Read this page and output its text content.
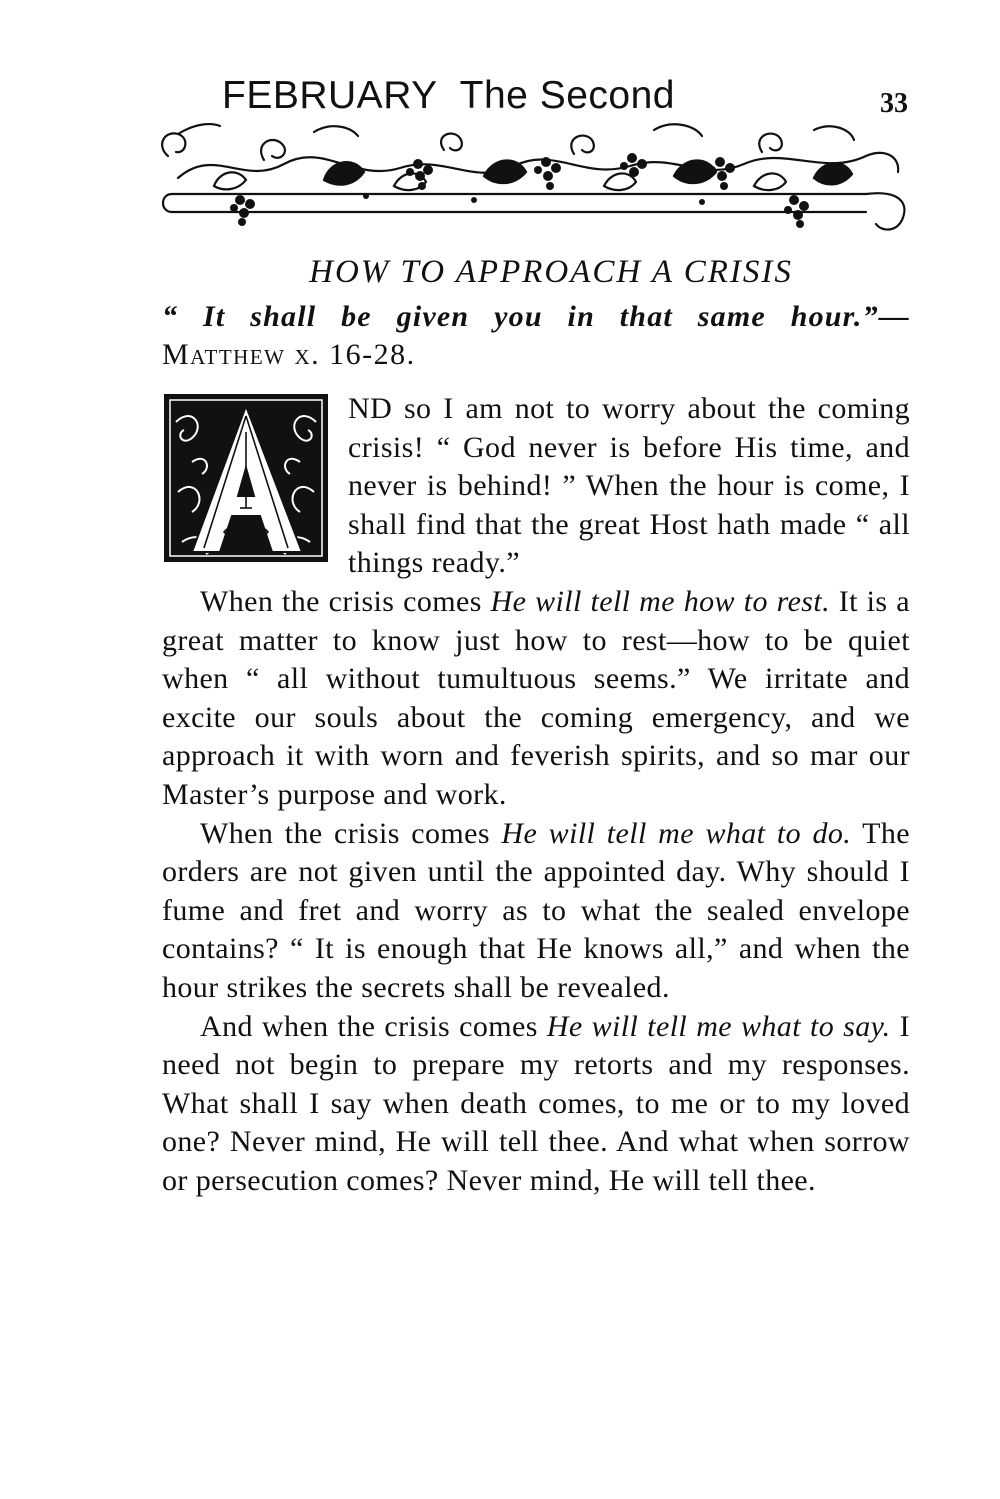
FEBRUARY The Second	33
HOW TO APPROACH A CRISIS
“ It shall be given you in that same hour.”—
Matthew x. 16-28.

ND so I am not to worry about the coming crisis! “ God never is before His time, and never is behind! ” When the hour is come, I shall find that the great Host hath made “ all things ready.”

When the crisis comes He will tell me how to rest. It is a great matter to know just how to rest—how to be quiet when “ all without tumultuous seems.” We irritate and excite our souls about the coming emergency, and we approach it with worn and feverish spirits, and so mar our Master’s purpose and work.

When the crisis comes He will tell me what to do. The orders are not given until the appointed day. Why should I fume and fret and worry as to what the sealed envelope contains? “ It is enough that He knows all,” and when the hour strikes the secrets shall be revealed.

And when the crisis comes He will tell me what to say. I need not begin to prepare my retorts and my responses. What shall I say when death comes, to me or to my loved one? Never mind, He will tell thee. And what when sorrow or persecution comes? Never mind, He will tell thee.
